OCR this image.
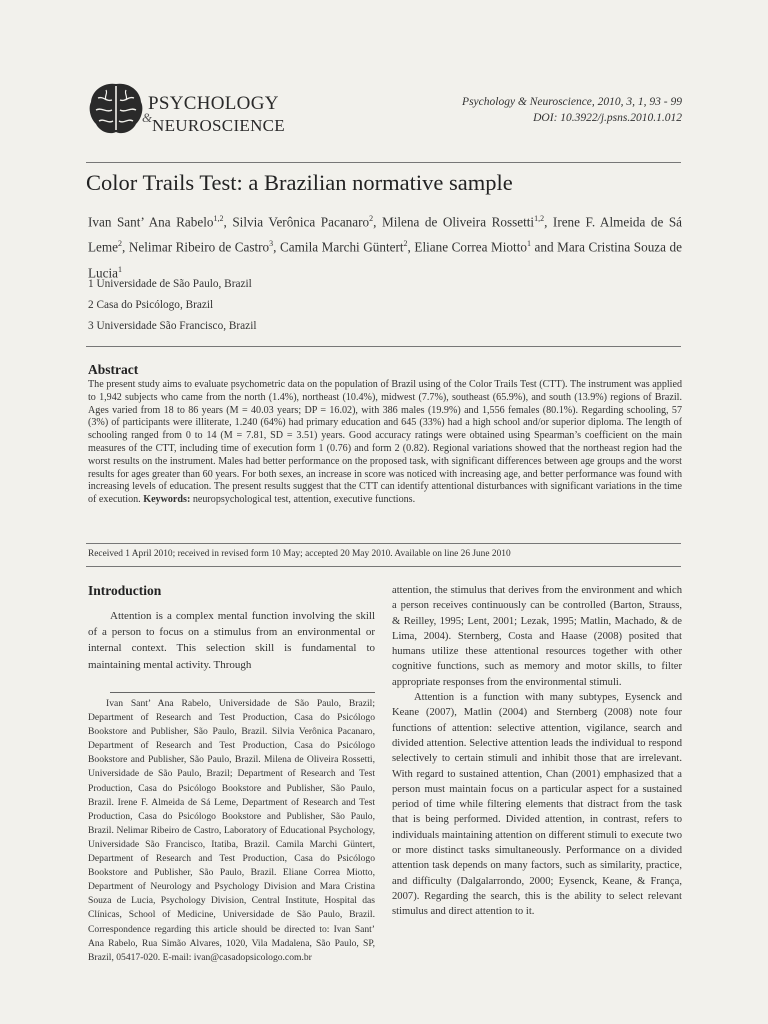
PSYCHOLOGY
& NEUROSCIENCE
Psychology & Neuroscience, 2010, 3, 1, 93 - 99
DOI: 10.3922/j.psns.2010.1.012
Color Trails Test: a Brazilian normative sample
Ivan Sant’ Ana Rabelo$^{1,2}$, Silvia Verônica Pacanaro$^2$, Milena de Oliveira Rossetti$^{1,2}$, Irene F. Almeida de Sá Leme$^2$, Nelimar Ribeiro de Castro$^3$, Camila Marchi Güntert$^2$, Eliane Correa Miotto$^1$ and Mara Cristina Souza de Lucia$^1$
1 Universidade de São Paulo, Brazil
2 Casa do Psicólogo, Brazil
3 Universidade São Francisco, Brazil
Abstract

The present study aims to evaluate psychometric data on the population of Brazil using of the Color Trails Test (CTT). The instrument was applied to 1,942 subjects who came from the north (1.4%), northeast (10.4%), midwest (7.7%), southeast (65.9%), and south (13.9%) regions of Brazil. Ages varied from 18 to 86 years (M = 40.03 years; DP = 16.02), with 386 males (19.9%) and 1,556 females (80.1%). Regarding schooling, 57 (3%) of participants were illiterate, 1.240 (64%) had primary education and 645 (33%) had a high school and/or superior diploma. The length of schooling ranged from 0 to 14 (M = 7.81, SD = 3.51) years. Good accuracy ratings were obtained using Spearman’s coefficient on the main measures of the CTT, including time of execution form 1 (0.76) and form 2 (0.82). Regional variations showed that the northeast region had the worst results on the instrument. Males had better performance on the proposed task, with significant differences between age groups and the worst results for ages greater than 60 years. For both sexes, an increase in score was noticed with increasing age, and better performance was found with increasing levels of education. The present results suggest that the CTT can identify attentional disturbances with significant variations in the time of execution. Keywords: neuropsychological test, attention, executive functions.

Received 1 April 2010; received in revised form 10 May; accepted 20 May 2010. Available on line 26 June 2010
Introduction

Attention is a complex mental function involving the skill of a person to focus on a stimulus from an environmental or internal context. This selection skill is fundamental to maintaining mental activity. Through

Ivan Sant’ Ana Rabelo, Universidade de São Paulo, Brazil; Department of Research and Test Production, Casa do Psicólogo Bookstore and Publisher, São Paulo, Brazil. Silvia Verônica Pacanaro, Department of Research and Test Production, Casa do Psicólogo Bookstore and Publisher, São Paulo, Brazil. Milena de Oliveira Rossetti, Universidade de São Paulo, Brazil; Department of Research and Test Production, Casa do Psicólogo Bookstore and Publisher, São Paulo, Brazil. Irene F. Almeida de Sá Leme, Department of Research and Test Production, Casa do Psicólogo Bookstore and Publisher, São Paulo, Brazil. Nelimar Ribeiro de Castro, Laboratory of Educational Psychology, Universidade São Francisco, Itatiba, Brazil. Camila Marchi Güntert, Department of Research and Test Production, Casa do Psicólogo Bookstore and Publisher, São Paulo, Brazil. Eliane Correa Miotto, Department of Neurology and Psychology Division and Mara Cristina Souza de Lucia, Psychology Division, Central Institute, Hospital das Clínicas, School of Medicine, Universidade de São Paulo, Brazil. Correspondence regarding this article should be directed to: Ivan Sant’ Ana Rabelo, Rua Simão Alvares, 1020, Vila Madalena, São Paulo, SP, Brazil, 05417-020. E-mail: ivan@casadopsicologo.com.br

attention, the stimulus that derives from the environment and which a person receives continuously can be controlled (Barton, Strauss, & Reilley, 1995; Lent, 2001; Lezak, 1995; Matlin, Machado, & de Lima, 2004). Sternberg, Costa and Haase (2008) posited that humans utilize these attentional resources together with other cognitive functions, such as memory and motor skills, to filter appropriate responses from the environmental stimuli.

Attention is a function with many subtypes, Eysenck and Keane (2007), Matlin (2004) and Sternberg (2008) note four functions of attention: selective attention, vigilance, search and divided attention. Selective attention leads the individual to respond selectively to certain stimuli and inhibit those that are irrelevant. With regard to sustained attention, Chan (2001) emphasized that a person must maintain focus on a particular aspect for a sustained period of time while filtering elements that distract from the task that is being performed. Divided attention, in contrast, refers to individuals maintaining attention on different stimuli to execute two or more distinct tasks simultaneously. Performance on a divided attention task depends on many factors, such as similarity, practice, and difficulty (Dalgalarrondo, 2000; Eysenck, Keane, & França, 2007). Regarding the search, this is the ability to select relevant stimulus and direct attention to it.
